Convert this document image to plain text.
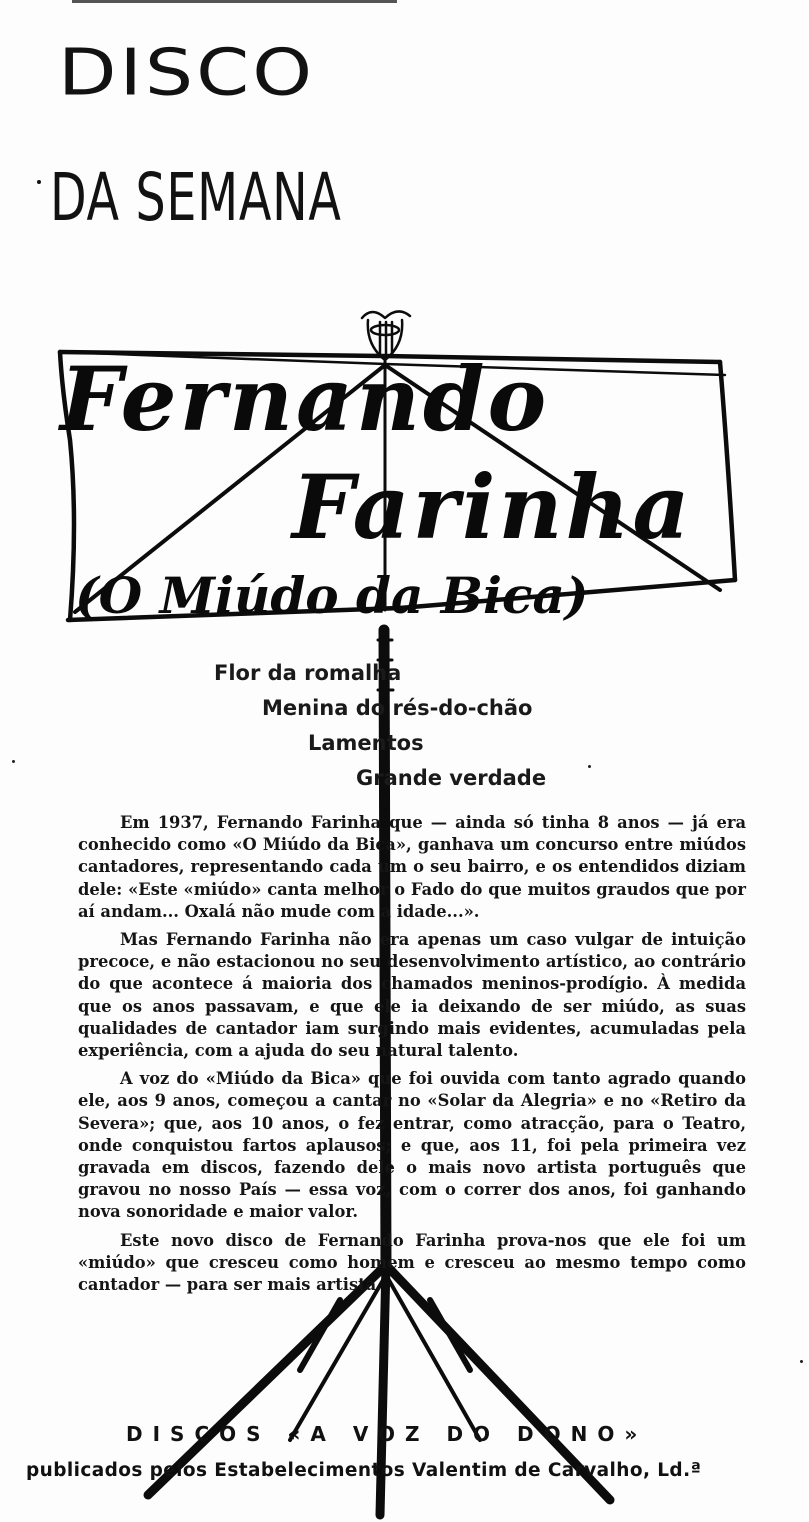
DISCO
DA SEMANA
Fernando
Farinha
(O Miúdo da Bica)
Flor da romalha
Menina do rés-do-chão
Lamentos
Grande verdade

Em 1937, Fernando Farinha que — ainda só tinha 8 anos — já era conhecido como «O Miúdo da Bica», ganhava um concurso entre miúdos cantadores, representando cada um o seu bairro, e os entendidos diziam dele: «Este «miúdo» canta melhor o Fado do que muitos graudos que por aí andam... Oxalá não mude com a idade...».

Mas Fernando Farinha não era apenas um caso vulgar de intuição precoce, e não estacionou no seu desenvolvimento artístico, ao contrário do que acontece á maioria dos chamados meninos-prodígio. À medida que os anos passavam, e que ele ia deixando de ser miúdo, as suas qualidades de cantador iam surgindo mais evidentes, acumuladas pela experiência, com a ajuda do seu natural talento.

A voz do «Miúdo da Bica» que foi ouvida com tanto agrado quando ele, aos 9 anos, começou a cantar no «Solar da Alegria» e no «Retiro da Severa»; que, aos 10 anos, o fez entrar, como atracção, para o Teatro, onde conquistou fartos aplausos; e que, aos 11, foi pela primeira vez gravada em discos, fazendo dele o mais novo artista português que gravou no nosso País — essa voz, com o correr dos anos, foi ganhando nova sonoridade e maior valor.

Este novo disco de Fernando Farinha prova-nos que ele foi um «miúdo» que cresceu como homem e cresceu ao mesmo tempo como cantador — para ser mais artista.

DISCOS «A VOZ DO DONO»
publicados pelos Estabelecimentos Valentim de Carvalho, Ld.ª
